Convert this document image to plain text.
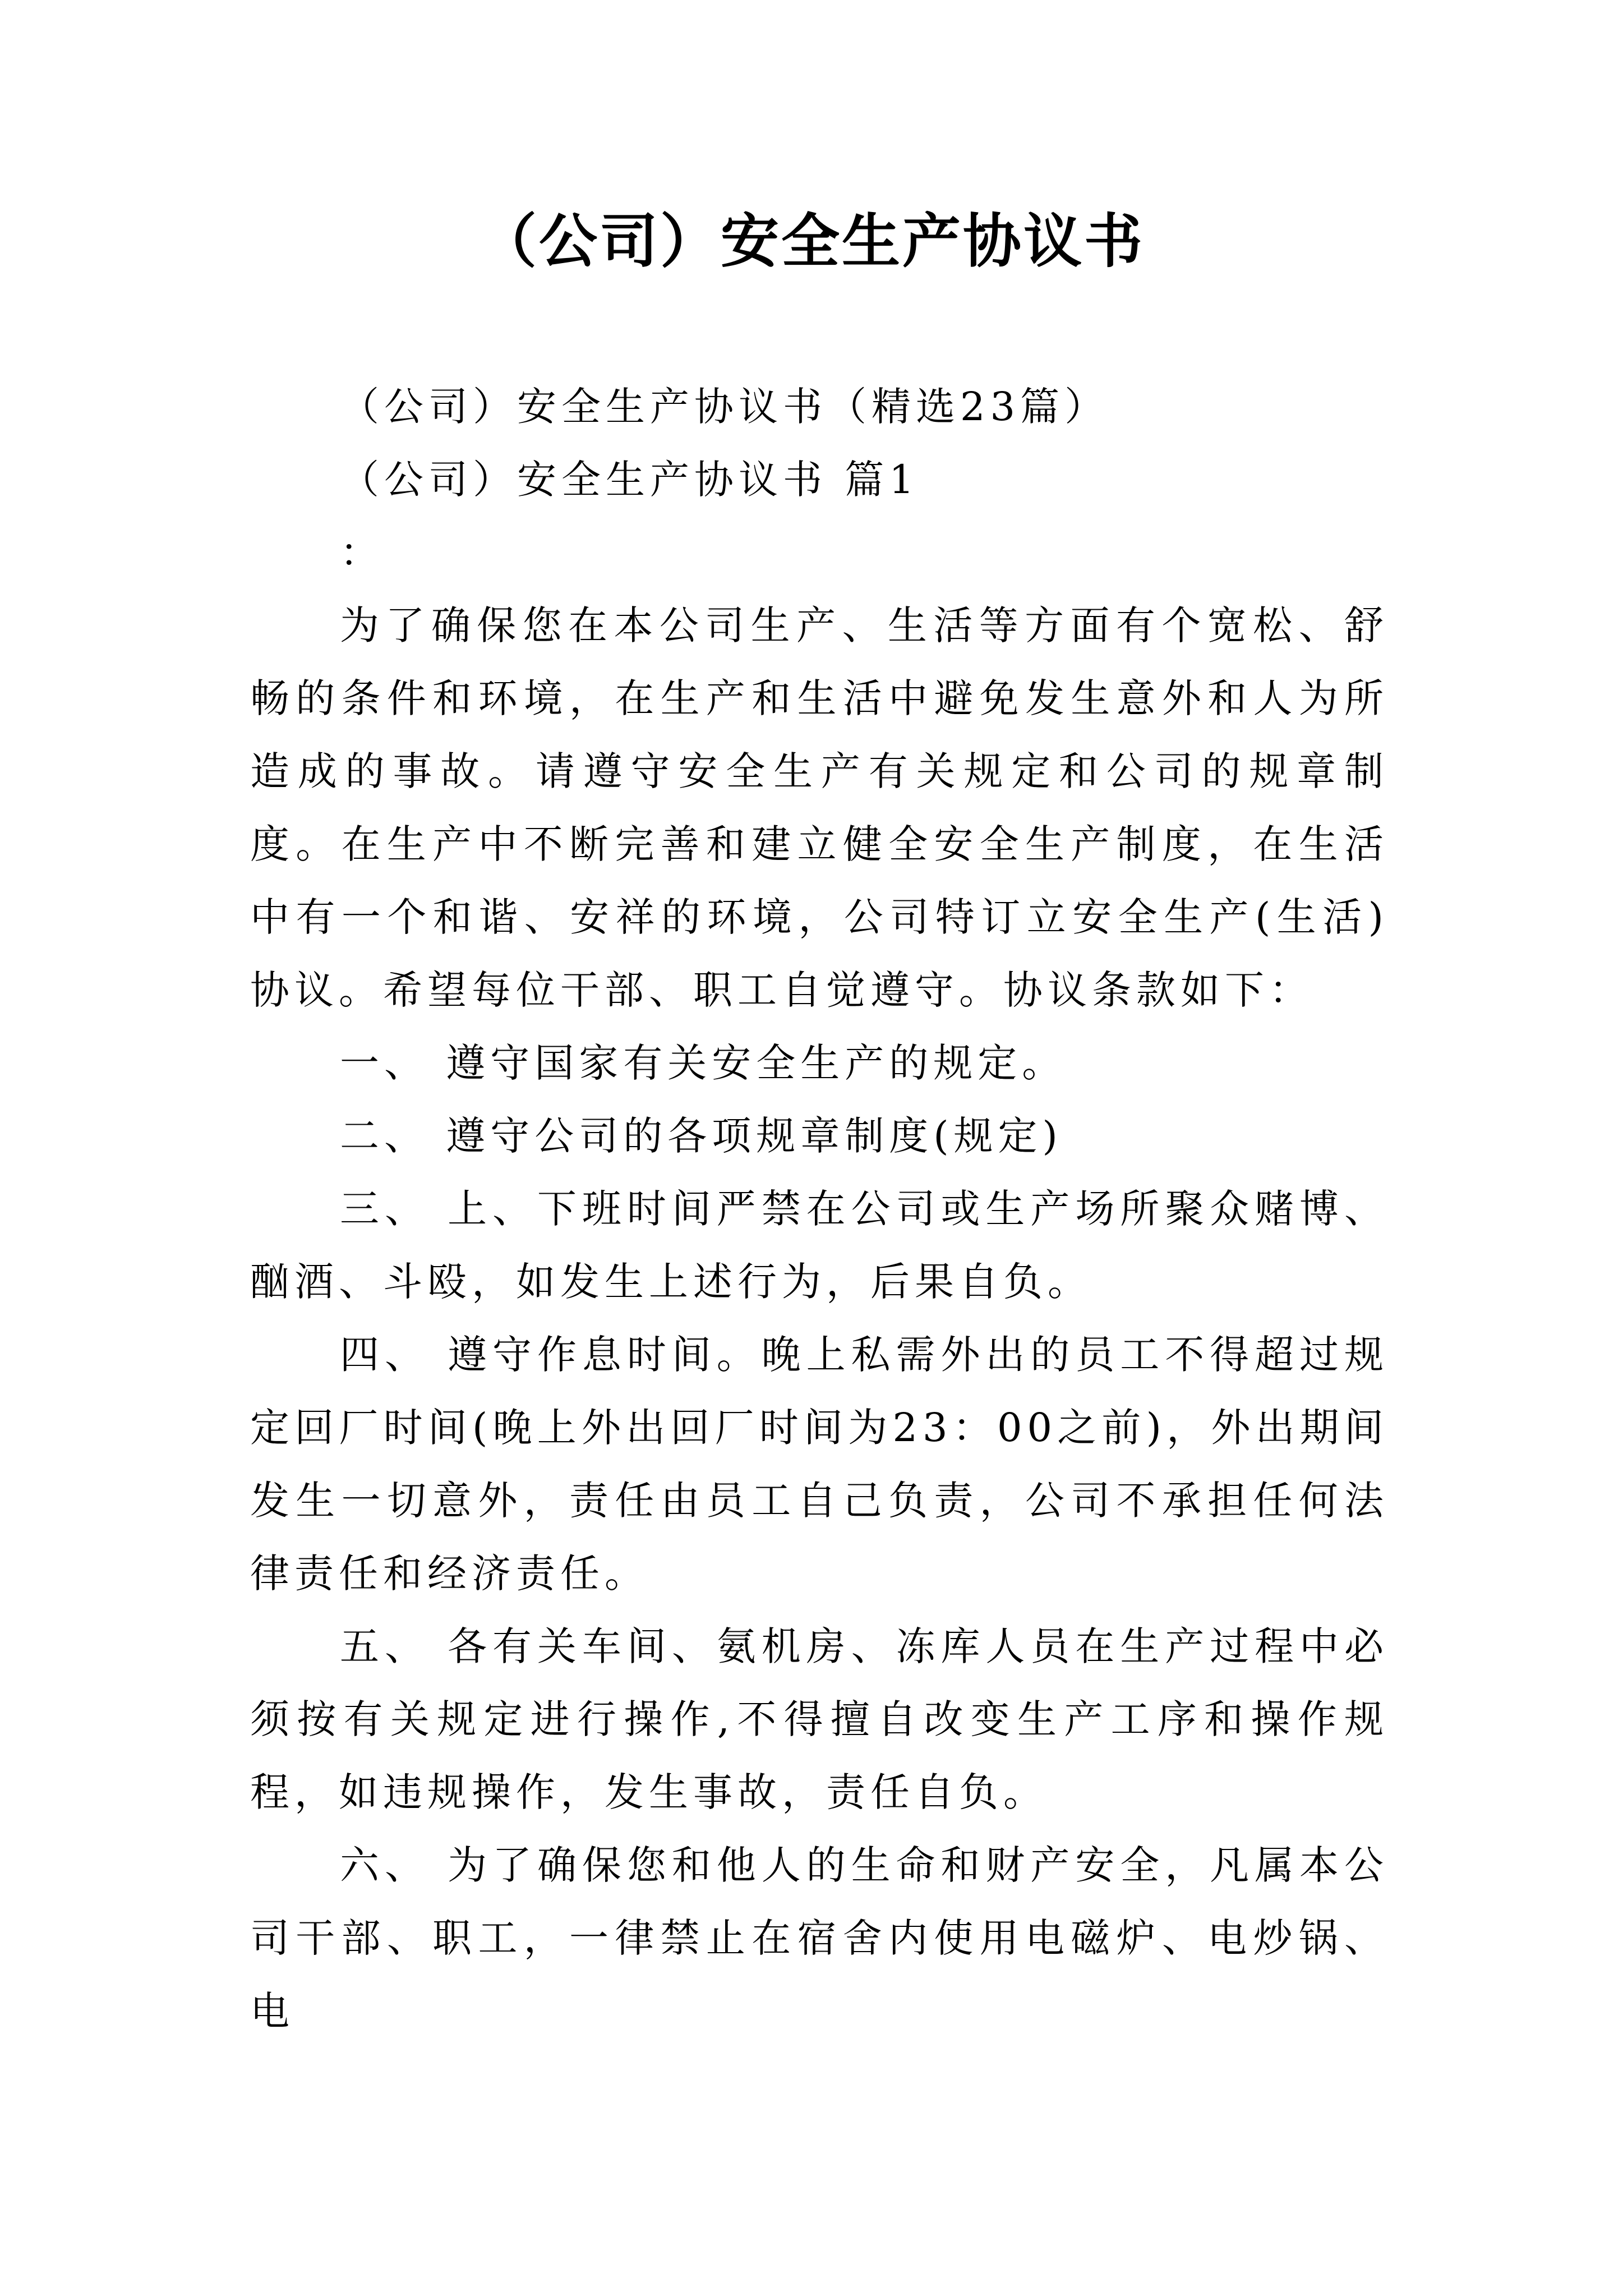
（公司）安全生产协议书

（公司）安全生产协议书（精选23篇）

（公司）安全生产协议书 篇1

：

为了确保您在本公司生产、生活等方面有个宽松、舒畅的条件和环境，在生产和生活中避免发生意外和人为所造成的事故。请遵守安全生产有关规定和公司的规章制度。在生产中不断完善和建立健全安全生产制度，在生活中有一个和谐、安祥的环境，公司特订立安全生产(生活)协议。希望每位干部、职工自觉遵守。协议条款如下：

一、 遵守国家有关安全生产的规定。

二、 遵守公司的各项规章制度(规定)

三、 上、下班时间严禁在公司或生产场所聚众赌博、酗酒、斗殴，如发生上述行为，后果自负。

四、 遵守作息时间。晚上私需外出的员工不得超过规定回厂时间(晚上外出回厂时间为23：00之前)，外出期间发生一切意外，责任由员工自己负责，公司不承担任何法律责任和经济责任。

五、 各有关车间、氨机房、冻库人员在生产过程中必须按有关规定进行操作,不得擅自改变生产工序和操作规程，如违规操作，发生事故，责任自负。

六、 为了确保您和他人的生命和财产安全，凡属本公司干部、职工，一律禁止在宿舍内使用电磁炉、电炒锅、电
